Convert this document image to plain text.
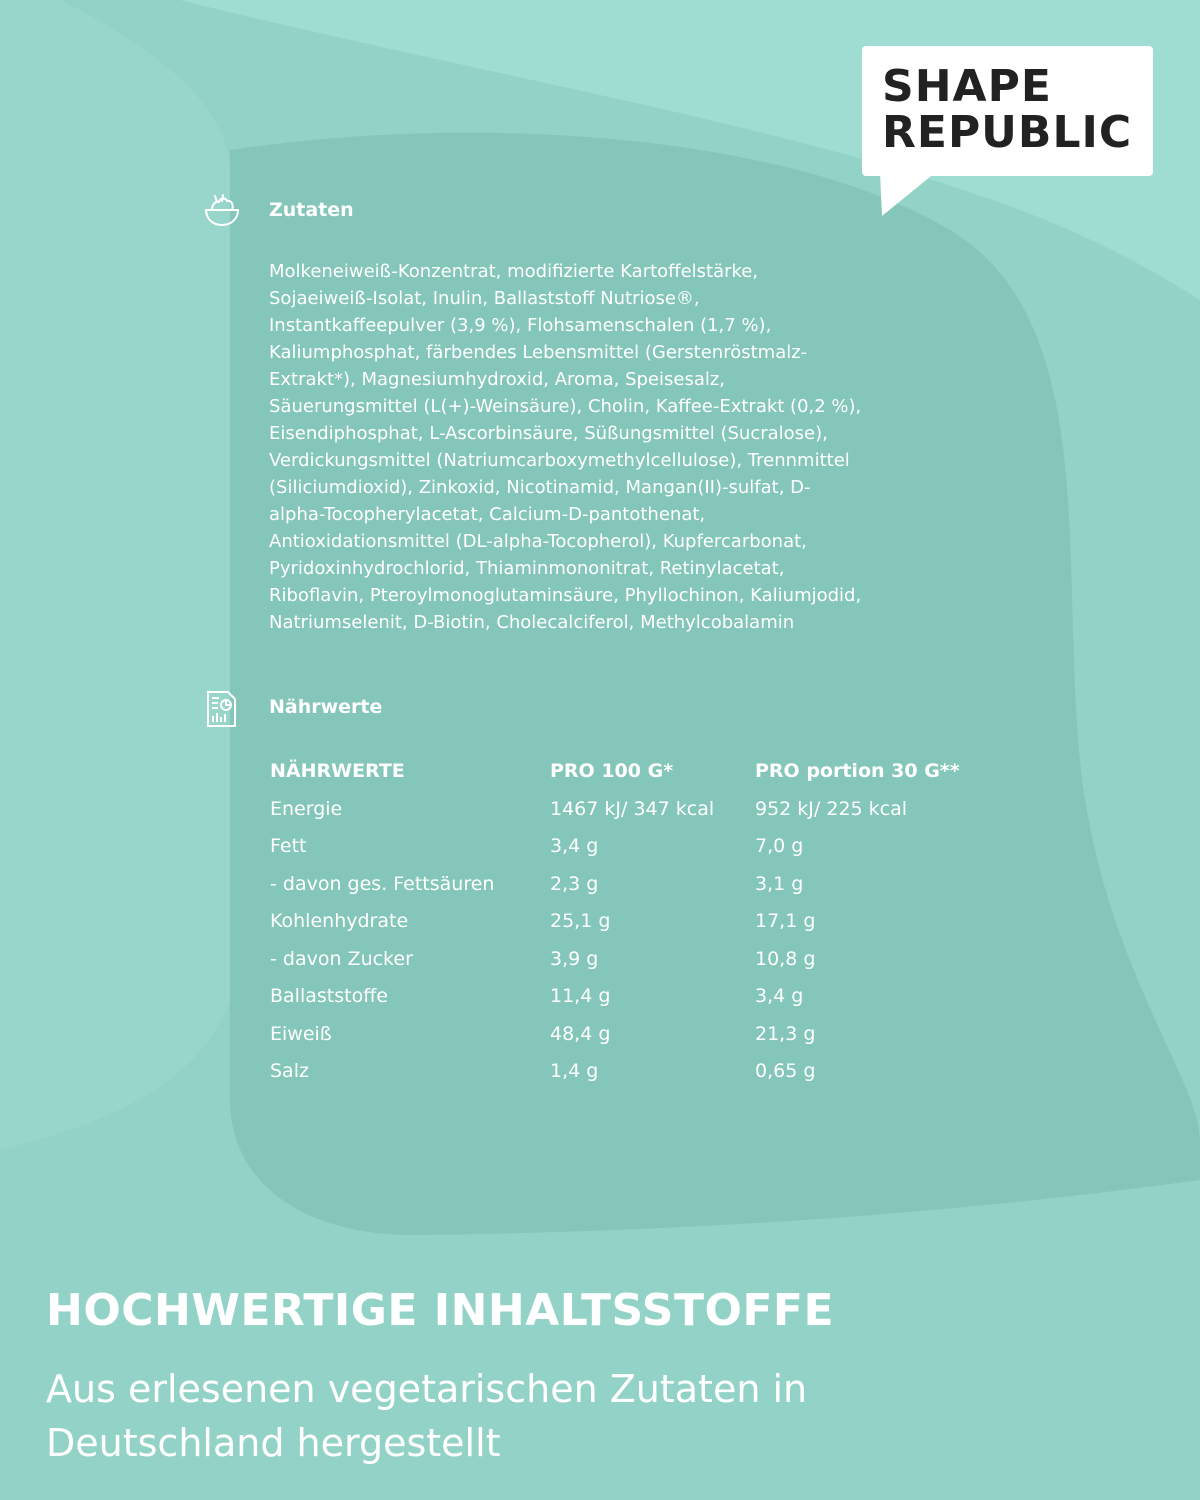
SHAPE
REPUBLIC
Zutaten
Molkeneiweiß-Konzentrat, modifizierte Kartoffelstärke,
Sojaeiweiß-Isolat, Inulin, Ballaststoff Nutriose®,
Instantkaffeepulver (3,9 %), Flohsamenschalen (1,7 %),
Kaliumphosphat, färbendes Lebensmittel (Gerstenröstmalz-
Extrakt*), Magnesiumhydroxid, Aroma, Speisesalz,
Säuerungsmittel (L(+)-Weinsäure), Cholin, Kaffee-Extrakt (0,2 %),
Eisendiphosphat, L-Ascorbinsäure, Süßungsmittel (Sucralose),
Verdickungsmittel (Natriumcarboxymethylcellulose), Trennmittel
(Siliciumdioxid), Zinkoxid, Nicotinamid, Mangan(II)-sulfat, D-
alpha-Tocopherylacetat, Calcium-D-pantothenat,
Antioxidationsmittel (DL-alpha-Tocopherol), Kupfercarbonat,
Pyridoxinhydrochlorid, Thiaminmononitrat, Retinylacetat,
Riboflavin, Pteroylmonoglutaminsäure, Phyllochinon, Kaliumjodid,
Natriumselenit, D-Biotin, Cholecalciferol, Methylcobalamin
Nährwerte
NÄHRWERTE	PRO 100 G*	PRO portion 30 G**
Energie	1467 kJ/ 347 kcal	952 kJ/ 225 kcal
Fett	3,4 g	7,0 g
- davon ges. Fettsäuren	2,3 g	3,1 g
Kohlenhydrate	25,1 g	17,1 g
- davon Zucker	3,9 g	10,8 g
Ballaststoffe	11,4 g	3,4 g
Eiweiß	48,4 g	21,3 g
Salz	1,4 g	0,65 g
HOCHWERTIGE INHALTSSTOFFE
Aus erlesenen vegetarischen Zutaten in Deutschland hergestellt
